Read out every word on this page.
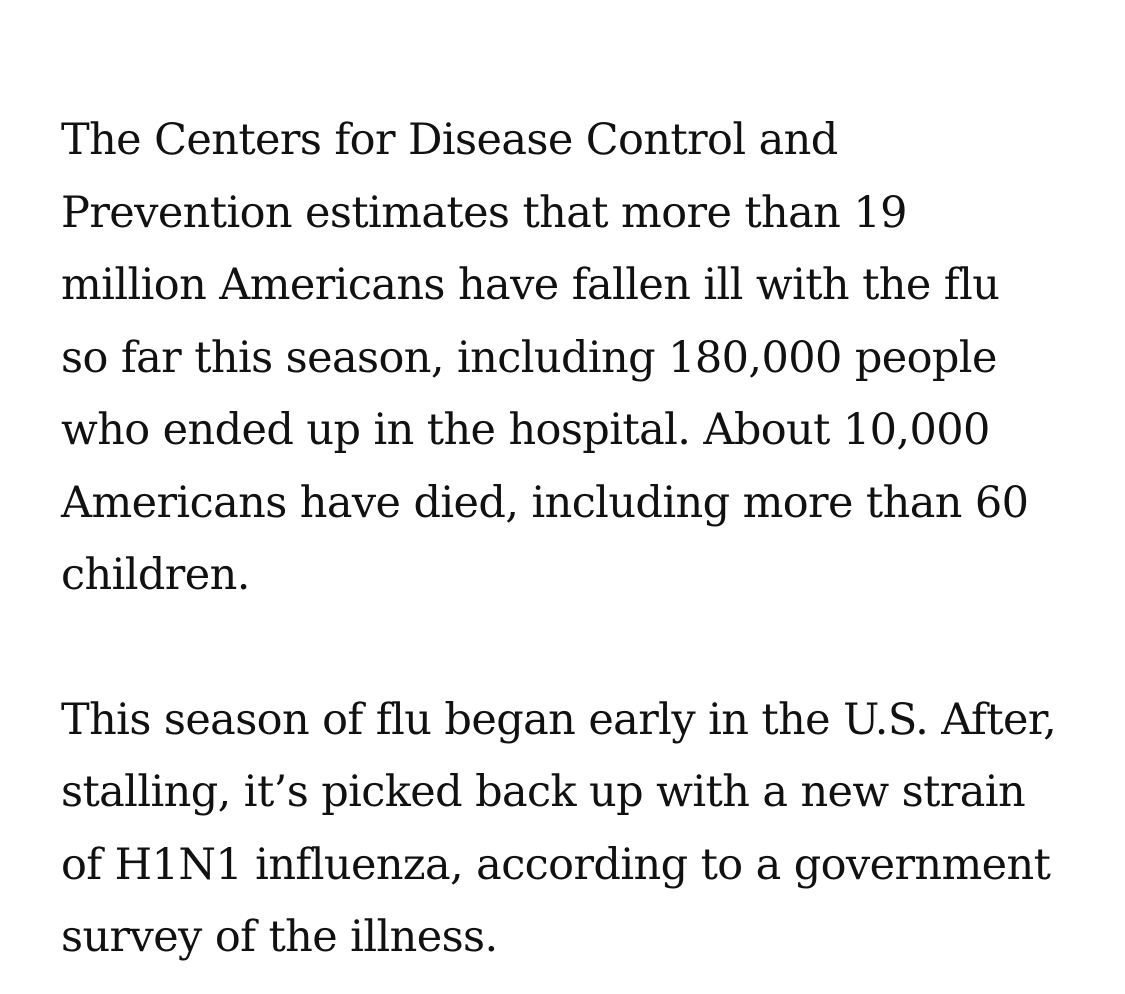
The Centers for Disease Control and
Prevention estimates that more than 19
million Americans have fallen ill with the flu
so far this season, including 180,000 people
who ended up in the hospital. About 10,000
Americans have died, including more than 60
children.

This season of flu began early in the U.S. After,
stalling, it’s picked back up with a new strain
of H1N1 influenza, according to a government
survey of the illness.
